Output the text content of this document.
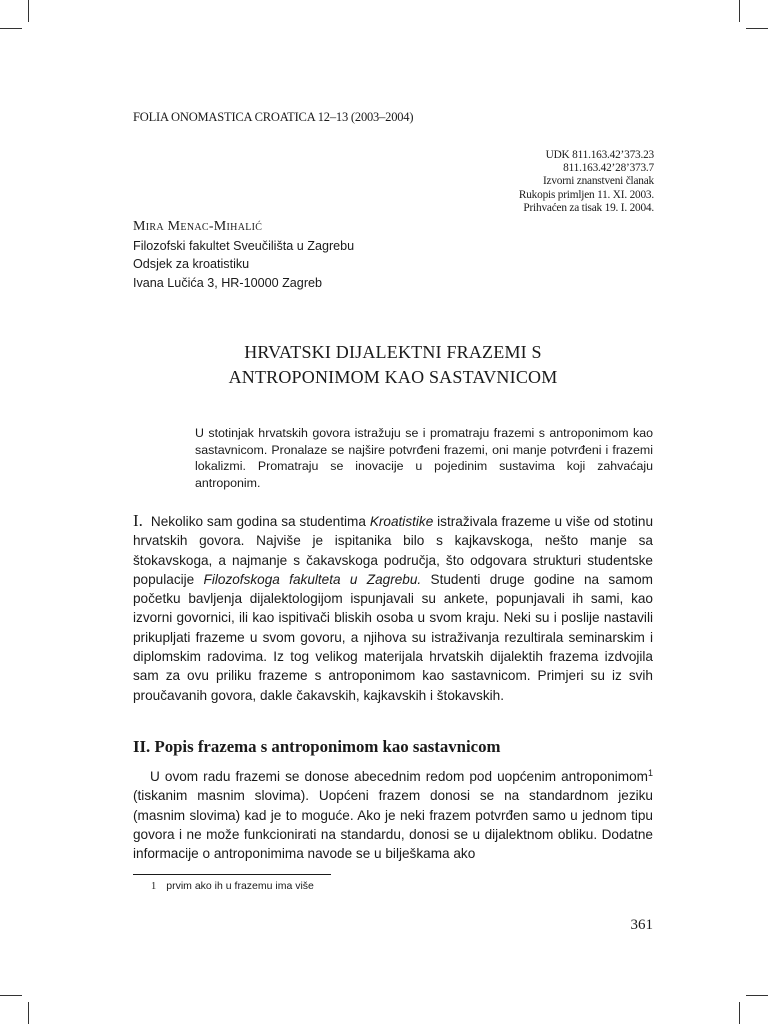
FOLIA ONOMASTICA CROATICA 12–13 (2003–2004)
UDK 811.163.42’373.23
811.163.42’28’373.7
Izvorni znanstveni članak
Rukopis primljen 11. XI. 2003.
Prihvaćen za tisak 19. I. 2004.
Mira Menac-Mihalić
Filozofski fakultet Sveučilišta u Zagrebu
Odsjek za kroatistiku
Ivana Lučića 3, HR-10000 Zagreb
HRVATSKI DIJALEKTNI FRAZEMI S
ANTROPONIMOM KAO SASTAVNICOM
U stotinjak hrvatskih govora istražuju se i promatraju frazemi s antroponimom kao sastavnicom. Pronalaze se najšire potvrđeni frazemi, oni manje potvrđeni i frazemi lokalizmi. Promatraju se inovacije u pojedinim sustavima koji zahvaćaju antroponim.
I. Nekoliko sam godina sa studentima Kroatistike istraživala frazeme u više od stotinu hrvatskih govora. Najviše je ispitanika bilo s kajkavskoga, nešto manje sa štokavskoga, a najmanje s čakavskoga područja, što odgovara strukturi studentske populacije Filozofskoga fakulteta u Zagrebu. Studenti druge godine na samom početku bavljenja dijalektologijom ispunjavali su ankete, popunjavali ih sami, kao izvorni govornici, ili kao ispitivači bliskih osoba u svom kraju. Neki su i poslije nastavili prikupljati frazeme u svom govoru, a njihova su istraživanja rezultirala seminarskim i diplomskim radovima. Iz tog velikog materijala hrvatskih dijalektih frazema izdvojila sam za ovu priliku frazeme s antroponimom kao sastavnicom. Primjeri su iz svih proučavanih govora, dakle čakavskih, kajkavskih i štokavskih.
II. Popis frazema s antroponimom kao sastavnicom
U ovom radu frazemi se donose abecednim redom pod uopćenim antroponimom$^1$ (tiskanim masnim slovima). Uopćeni frazem donosi se na standardnom jeziku (masnim slovima) kad je to moguće. Ako je neki frazem potvrđen samo u jednom tipu govora i ne može funkcionirati na standardu, donosi se u dijalektnom obliku. Dodatne informacije o antroponimima navode se u bilješkama ako
1 prvim ako ih u frazemu ima više
361
